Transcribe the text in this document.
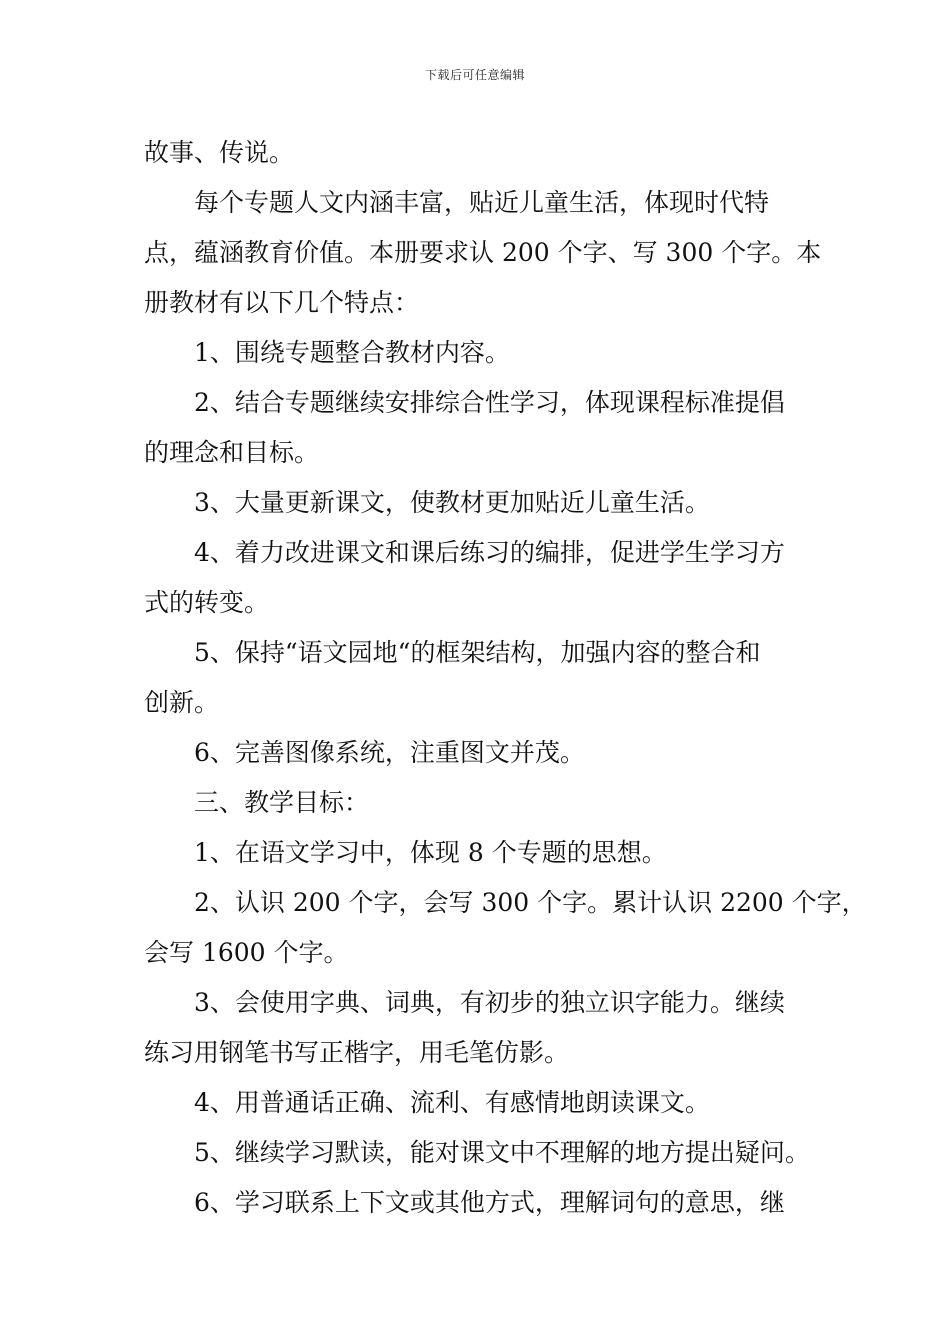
下载后可任意编辑

故事、传说。

每个专题人文内涵丰富，贴近儿童生活，体现时代特

点，蕴涵教育价值。本册要求认 200 个字、写 300 个字。本

册教材有以下几个特点：

1、围绕专题整合教材内容。

2、结合专题继续安排综合性学习，体现课程标准提倡

的理念和目标。

3、大量更新课文，使教材更加贴近儿童生活。

4、着力改进课文和课后练习的编排，促进学生学习方

式的转变。

5、保持“语文园地“的框架结构，加强内容的整合和

创新。

6、完善图像系统，注重图文并茂。

三、教学目标：

1、在语文学习中，体现 8 个专题的思想。

2、认识 200 个字，会写 300 个字。累计认识 2200 个字，

会写 1600 个字。

3、会使用字典、词典，有初步的独立识字能力。继续

练习用钢笔书写正楷字，用毛笔仿影。

4、用普通话正确、流利、有感情地朗读课文。

5、继续学习默读，能对课文中不理解的地方提出疑问。

6、学习联系上下文或其他方式，理解词句的意思，继
